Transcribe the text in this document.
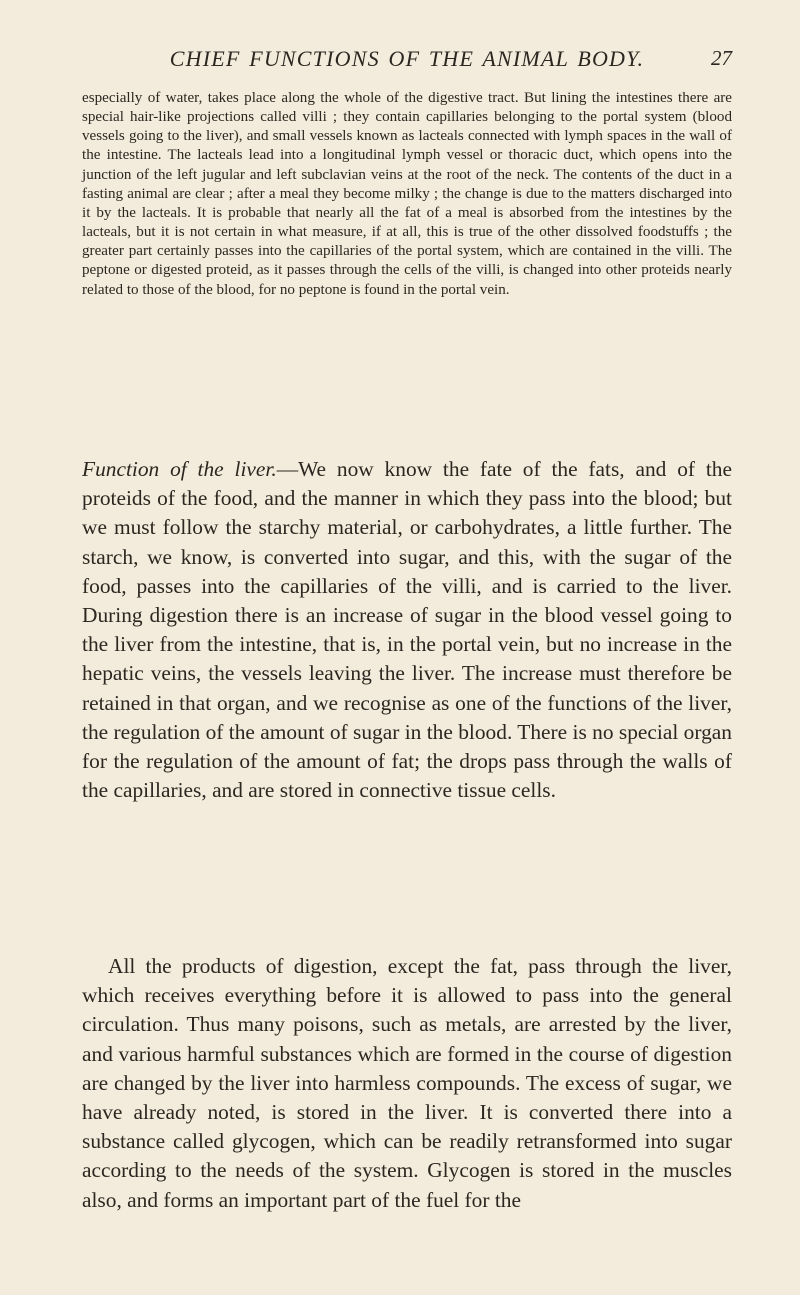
CHIEF FUNCTIONS OF THE ANIMAL BODY.	27

especially of water, takes place along the whole of the digestive tract. But lining the intestines there are special hair-like projections called villi ; they contain capillaries belonging to the portal system (blood vessels going to the liver), and small vessels known as lacteals connected with lymph spaces in the wall of the intestine. The lacteals lead into a longitudinal lymph vessel or thoracic duct, which opens into the junction of the left jugular and left subclavian veins at the root of the neck. The contents of the duct in a fasting animal are clear ; after a meal they become milky ; the change is due to the matters discharged into it by the lacteals. It is probable that nearly all the fat of a meal is absorbed from the intestines by the lacteals, but it is not certain in what measure, if at all, this is true of the other dissolved foodstuffs ; the greater part certainly passes into the capillaries of the portal system, which are contained in the villi. The peptone or digested proteid, as it passes through the cells of the villi, is changed into other proteids nearly related to those of the blood, for no peptone is found in the portal vein.

Function of the liver.—We now know the fate of the fats, and of the proteids of the food, and the manner in which they pass into the blood; but we must follow the starchy material, or carbohydrates, a little further. The starch, we know, is converted into sugar, and this, with the sugar of the food, passes into the capillaries of the villi, and is carried to the liver. During digestion there is an increase of sugar in the blood vessel going to the liver from the intestine, that is, in the portal vein, but no increase in the hepatic veins, the vessels leaving the liver. The increase must therefore be retained in that organ, and we recognise as one of the functions of the liver, the regulation of the amount of sugar in the blood. There is no special organ for the regulation of the amount of fat; the drops pass through the walls of the capillaries, and are stored in connective tissue cells.

All the products of digestion, except the fat, pass through the liver, which receives everything before it is allowed to pass into the general circulation. Thus many poisons, such as metals, are arrested by the liver, and various harmful substances which are formed in the course of digestion are changed by the liver into harmless compounds. The excess of sugar, we have already noted, is stored in the liver. It is converted there into a substance called glycogen, which can be readily retransformed into sugar according to the needs of the system. Glycogen is stored in the muscles also, and forms an important part of the fuel for the
